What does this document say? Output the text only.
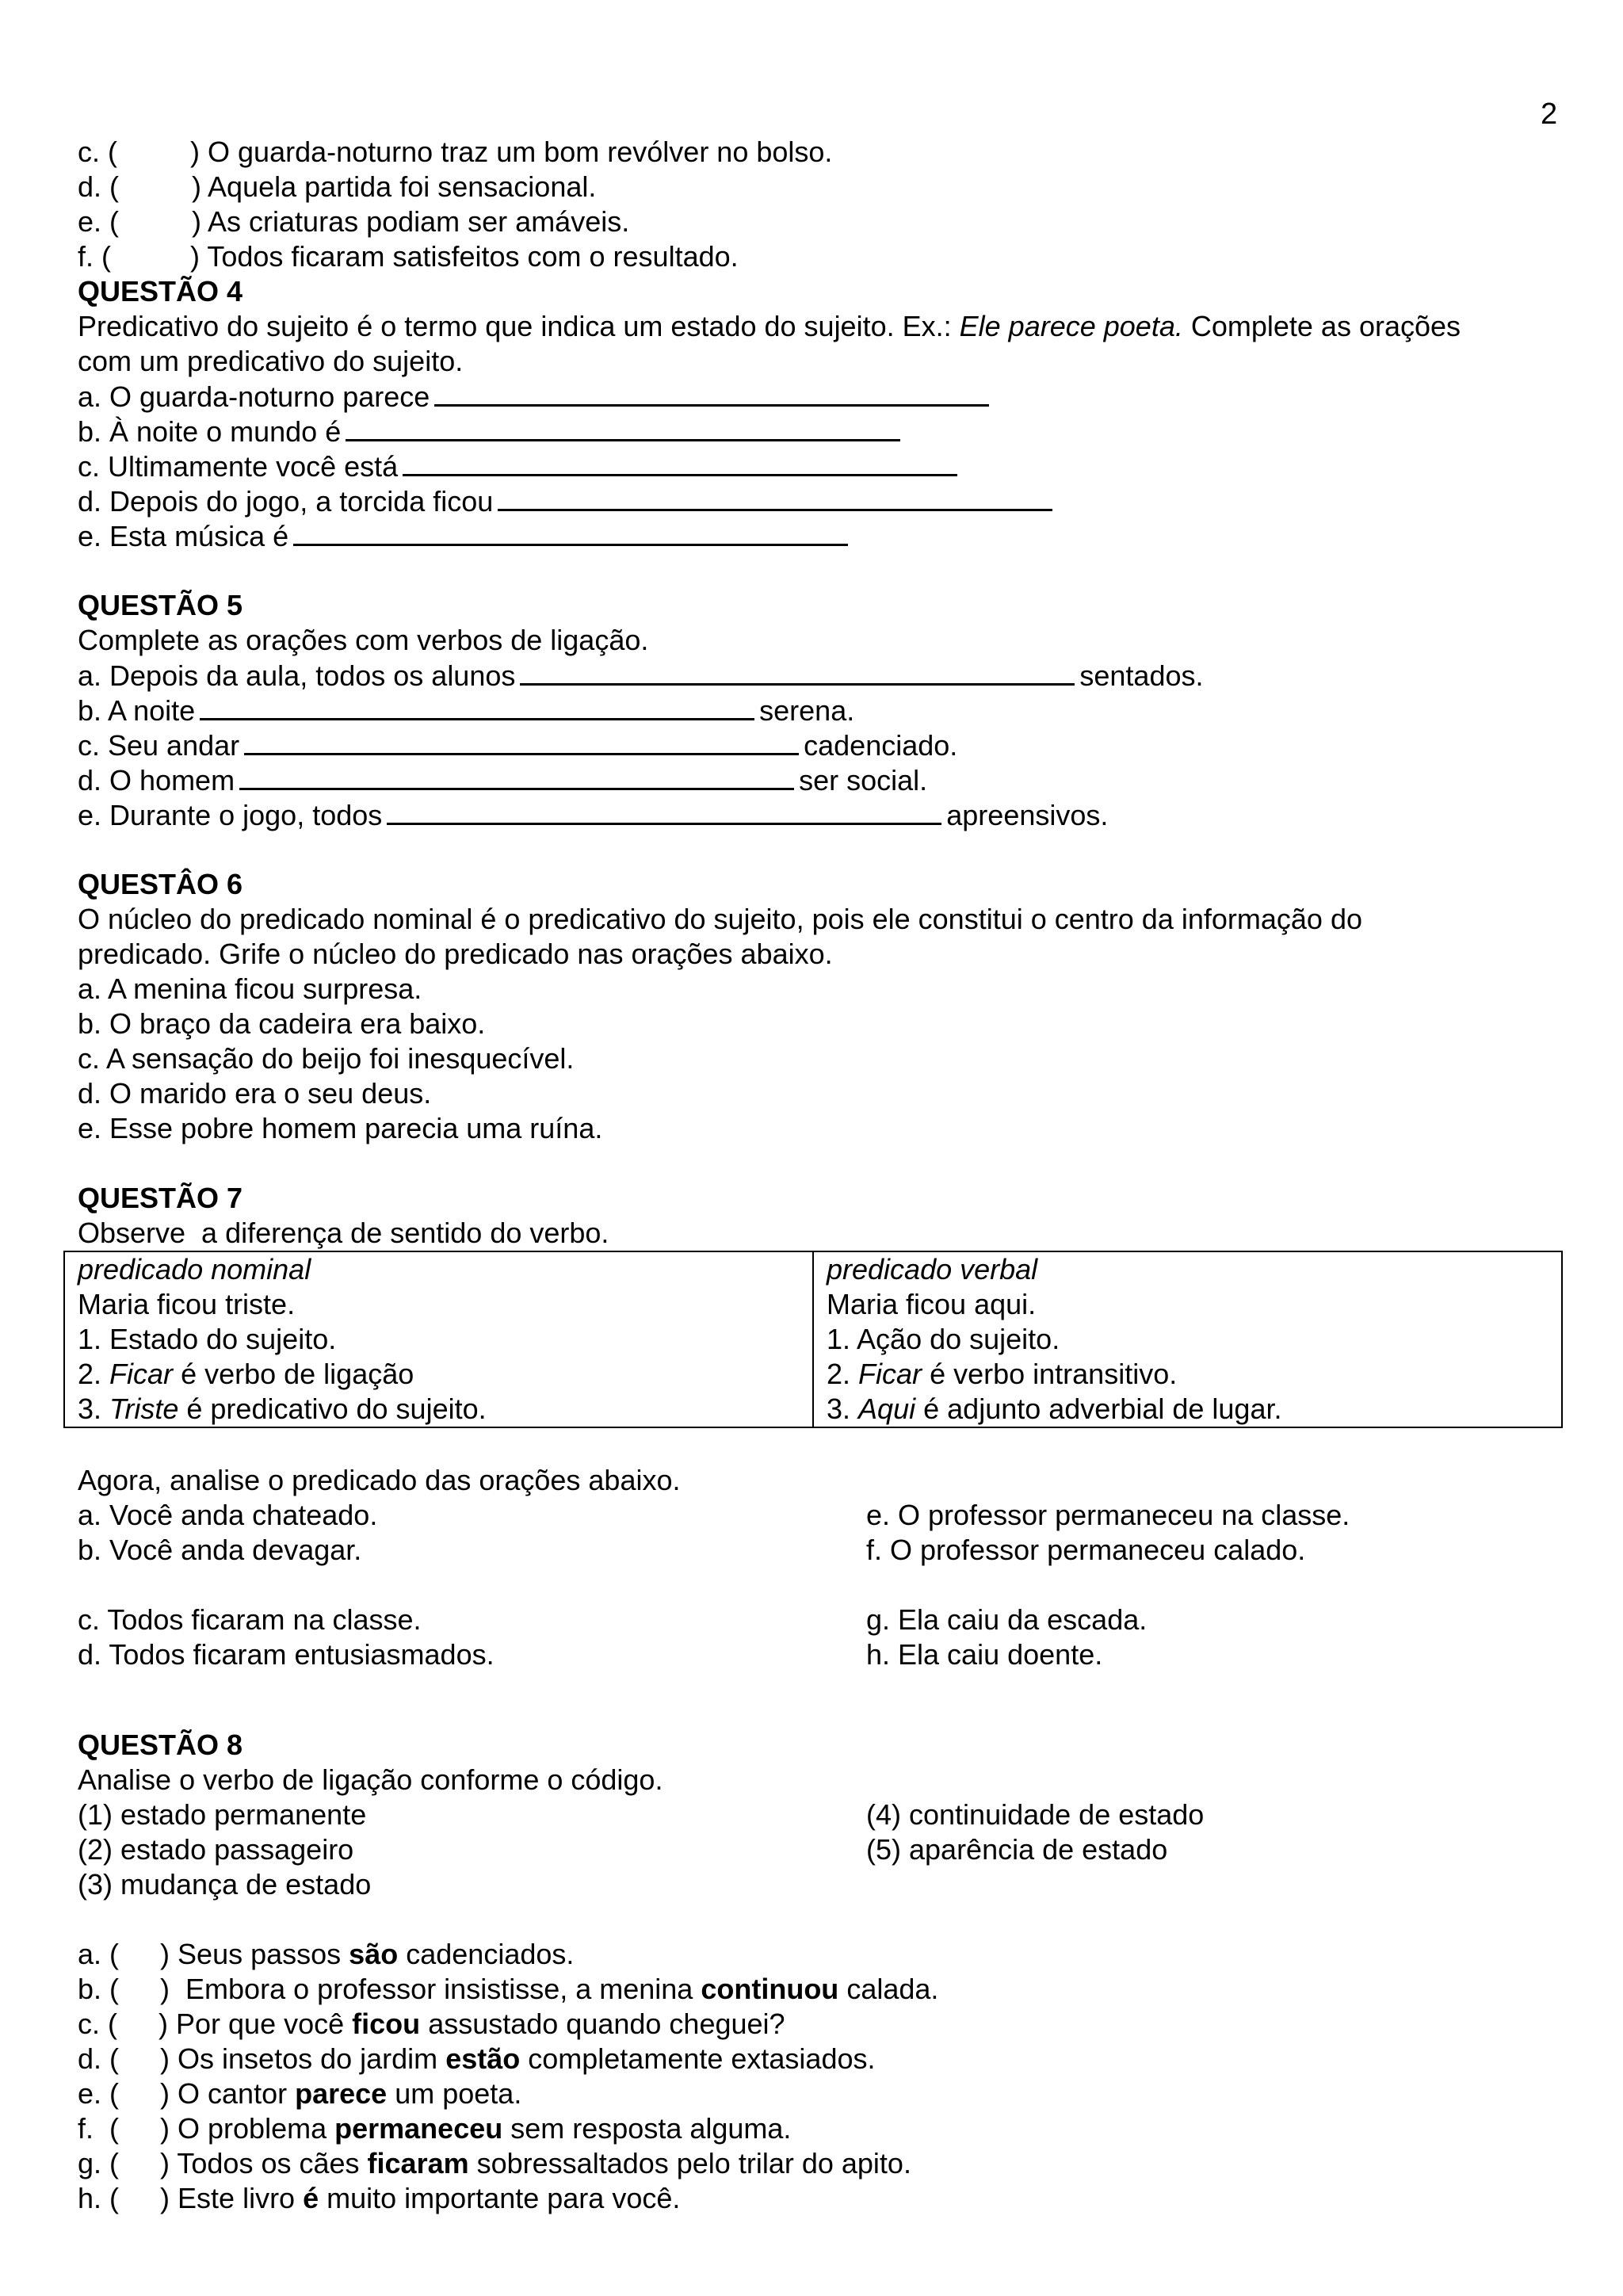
2
c. (	) O guarda-noturno traz um bom revólver no bolso.
d. (	) Aquela partida foi sensacional.
e. (	) As criaturas podiam ser amáveis.
f. (	) Todos ficaram satisfeitos com o resultado.
QUESTÃO 4
Predicativo do sujeito é o termo que indica um estado do sujeito. Ex.: Ele parece poeta. Complete as orações
com um predicativo do sujeito.
a. O guarda-noturno parece
b. À noite o mundo é
c. Ultimamente você está
d. Depois do jogo, a torcida ficou
e. Esta música é
QUESTÃO 5
Complete as orações com verbos de ligação.
a. Depois da aula, todos os alunos	sentados.
b. A noite	serena.
c. Seu andar	cadenciado.
d. O homem	ser social.
e. Durante o jogo, todos	apreensivos.
QUESTÂO 6
O núcleo do predicado nominal é o predicativo do sujeito, pois ele constitui o centro da informação do
predicado. Grife o núcleo do predicado nas orações abaixo.
a. A menina ficou surpresa.
b. O braço da cadeira era baixo.
c. A sensação do beijo foi inesquecível.
d. O marido era o seu deus.
e. Esse pobre homem parecia uma ruína.
QUESTÃO 7
Observe  a diferença de sentido do verbo.
predicado nominal
Maria ficou triste.
1. Estado do sujeito.
2. Ficar é verbo de ligação
3. Triste é predicativo do sujeito.

predicado verbal
Maria ficou aqui.
1. Ação do sujeito.
2. Ficar é verbo intransitivo.
3. Aqui é adjunto adverbial de lugar.
Agora, analise o predicado das orações abaixo.
a. Você anda chateado.
b. Você anda devagar.
e. O professor permaneceu na classe.
f. O professor permaneceu calado.
c. Todos ficaram na classe.
d. Todos ficaram entusiasmados.
g. Ela caiu da escada.
h. Ela caiu doente.
QUESTÃO 8
Analise o verbo de ligação conforme o código.
(1) estado permanente
(2) estado passageiro
(3) mudança de estado
(4) continuidade de estado
(5) aparência de estado
a. ( ) Seus passos são cadenciados.
b. ( )  Embora o professor insistisse, a menina continuou calada.
c. ( ) Por que você ficou assustado quando cheguei?
d. ( ) Os insetos do jardim estão completamente extasiados.
e. ( ) O cantor parece um poeta.
f.  ( ) O problema permaneceu sem resposta alguma.
g. ( ) Todos os cães ficaram sobressaltados pelo trilar do apito.
h. ( ) Este livro é muito importante para você.
